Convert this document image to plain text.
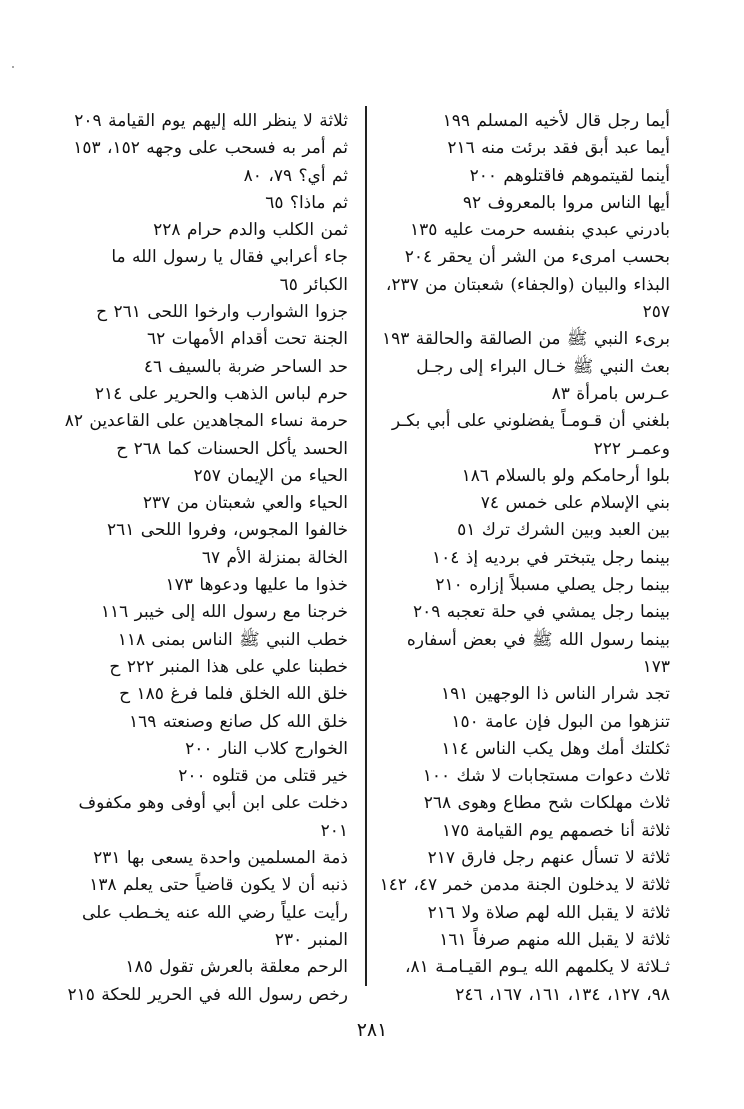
أيما رجل قال لأخيه المسلم ١٩٩
أيما عبد أبق فقد برئت منه ٢١٦
أينما لقيتموهم فاقتلوهم ٢٠٠
أيها الناس مروا بالمعروف ٩٢
بادرني عبدي بنفسه حرمت عليه ١٣٥
بحسب امرىء من الشر أن يحقر ٢٠٤
البذاء والبيان (والجفاء) شعبتان من ٢٣٧، ٢٥٧
برىء النبي ﷺ من الصالقة والحالقة ١٩٣
بعث النبي ﷺ خـال البراء إلى رجـل عـرس بامرأة ٨٣
بلغني أن قـومـاً يفضلوني على أبي بكـر وعمـر ٢٢٢
بلوا أرحامكم ولو بالسلام ١٨٦
بني الإسلام على خمس ٧٤
بين العبد وبين الشرك ترك ٥١
بينما رجل يتبختر في برديه إذ ١٠٤
بينما رجل يصلي مسبلاً إزاره ٢١٠
بينما رجل يمشي في حلة تعجبه ٢٠٩
بينما رسول الله ﷺ في بعض أسفاره ١٧٣
تجد شرار الناس ذا الوجهين ١٩١
تنزهوا من البول فإن عامة ١٥٠
ثكلتك أمك وهل يكب الناس ١١٤
ثلاث دعوات مستجابات لا شك ١٠٠
ثلاث مهلكات شح مطاع وهوى ٢٦٨
ثلاثة أنا خصمهم يوم القيامة ١٧٥
ثلاثة لا تسأل عنهم رجل فارق ٢١٧
ثلاثة لا يدخلون الجنة مدمن خمر ٤٧، ١٤٢
ثلاثة لا يقبل الله لهم صلاة ولا ٢١٦
ثلاثة لا يقبل الله منهم صرفاً ١٦١
ثـلاثة لا يكلمهم الله يـوم القيـامـة ٨١، ٩٨، ١٢٧، ١٣٤، ١٦١، ١٦٧، ٢٤٦
ثلاثة لا ينظر الله إليهم يوم القيامة ٢٠٩
ثم أمر به فسحب على وجهه ١٥٢، ١٥٣
ثم أي؟ ٧٩، ٨٠
ثم ماذا؟ ٦٥
ثمن الكلب والدم حرام ٢٢٨
جاء أعرابي فقال يا رسول الله ما الكبائر ٦٥
جزوا الشوارب وارخوا اللحى ٢٦١ ح
الجنة تحت أقدام الأمهات ٦٢
حد الساحر ضربة بالسيف ٤٦
حرم لباس الذهب والحرير على ٢١٤
حرمة نساء المجاهدين على القاعدين ٨٢
الحسد يأكل الحسنات كما ٢٦٨ ح
الحياء من الإيمان ٢٥٧
الحياء والعي شعبتان من ٢٣٧
خالفوا المجوس، وفروا اللحى ٢٦١
الخالة بمنزلة الأم ٦٧
خذوا ما عليها ودعوها ١٧٣
خرجنا مع رسول الله إلى خيبر ١١٦
خطب النبي ﷺ الناس بمنى ١١٨
خطبنا علي على هذا المنبر ٢٢٢ ح
خلق الله الخلق فلما فرغ ١٨٥ ح
خلق الله كل صانع وصنعته ١٦٩
الخوارج كلاب النار ٢٠٠
خير قتلى من قتلوه ٢٠٠
دخلت على ابن أبي أوفى وهو مكفوف ٢٠١
ذمة المسلمين واحدة يسعى بها ٢٣١
ذنبه أن لا يكون قاضياً حتى يعلم ١٣٨
رأيت علياً رضي الله عنه يخـطب على المنبر ٢٣٠
الرحم معلقة بالعرش تقول ١٨٥
رخص رسول الله في الحرير للحكة ٢١٥
٢٨١
